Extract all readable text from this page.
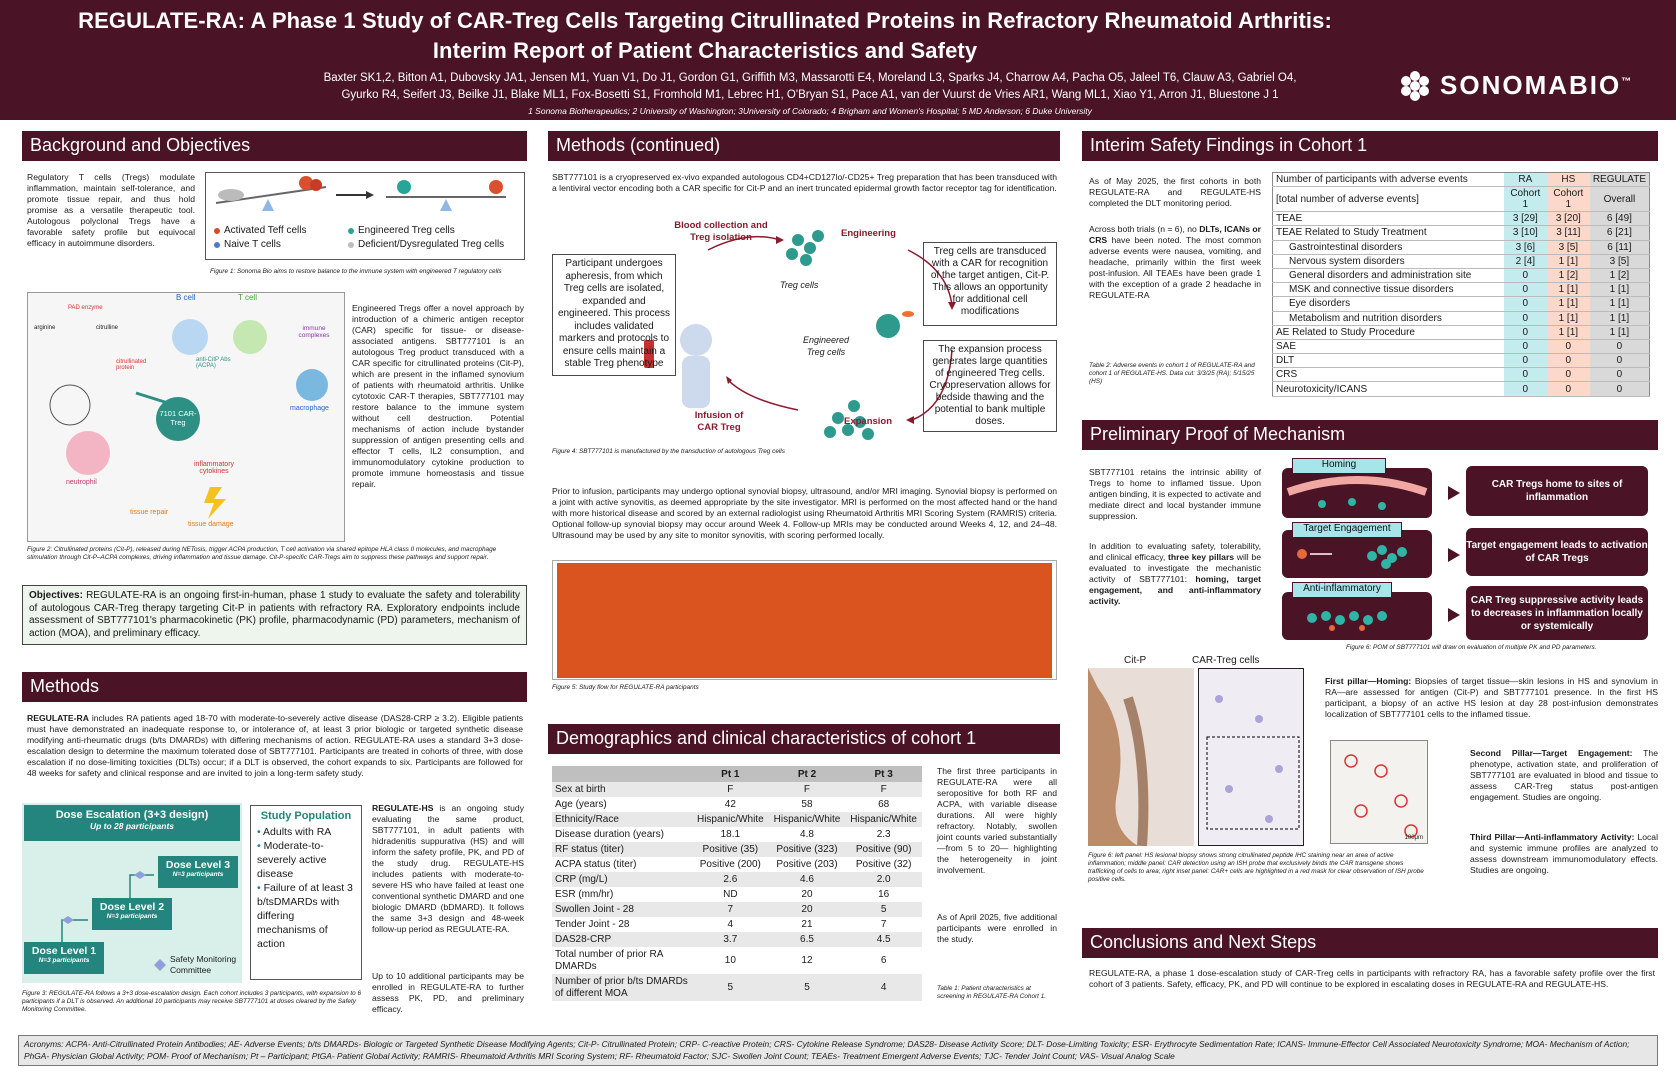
REGULATE-RA: A Phase 1 Study of CAR-Treg Cells Targeting Citrullinated Proteins in Refractory Rheumatoid Arthritis:
Interim Report of Patient Characteristics and Safety
Baxter SK1,2, Bitton A1, Dubovsky JA1, Jensen M1, Yuan V1, Do J1, Gordon G1, Griffith M3, Massarotti E4, Moreland L3, Sparks J4, Charrow A4, Pacha O5, Jaleel T6, Clauw A3, Gabriel O4,
Gyurko R4, Seifert J3, Beilke J1, Blake ML1, Fox-Bosetti S1, Fromhold M1, Lebrec H1, O'Bryan S1, Pace A1, van der Vuurst de Vries AR1, Wang ML1, Xiao Y1, Arron J1, Bluestone J 1
1 Sonoma Biotherapeutics; 2 University of Washington; 3University of Colorado; 4 Brigham and Women's Hospital; 5 MD Anderson; 6 Duke University
SONOMABIO™
Background and Objectives
Regulatory T cells (Tregs) modulate inflammation, maintain self-tolerance, and promote tissue repair, and thus hold promise as a versatile therapeutic tool. Autologous polyclonal Tregs have a favorable safety profile but equivocal efficacy in autoimmune disorders.
Activated Teff cells	Engineered Treg cells
Naive T cells	Deficient/Dysregulated Treg cells
Figure 1: Sonoma Bio aims to restore balance to the immune system with engineered T regulatory cells
arginine
PAD enzyme
citrulline
B cell	T cell
anti-CitP Abs (ACPA)
immune complexes
citrullinated protein
7101 CAR-Treg
macrophage
neutrophil
inflammatory cytokines
tissue repair
tissue damage
Engineered Tregs offer a novel approach by introduction of a chimeric antigen receptor (CAR) specific for tissue- or disease-associated antigens. SBT777101 is an autologous Treg product transduced with a CAR specific for citrullinated proteins (Cit-P), which are present in the inflamed synovium of patients with rheumatoid arthritis. Unlike cytotoxic CAR-T therapies, SBT777101 may restore balance to the immune system without cell destruction. Potential mechanisms of action include bystander suppression of antigen presenting cells and effector T cells, IL2 consumption, and immunomodulatory cytokine production to promote immune homeostasis and tissue repair.
Figure 2: Citrullinated proteins (Cit-P), released during NETosis, trigger ACPA production, T cell activation via shared epitope HLA class II molecules, and macrophage stimulation through Cit-P–ACPA complexes, driving inflammation and tissue damage. Cit-P-specific CAR-Tregs aim to suppress these pathways and support repair.
Objectives: REGULATE-RA is an ongoing first-in-human, phase 1 study to evaluate the safety and tolerability of autologous CAR-Treg therapy targeting Cit-P in patients with refractory RA. Exploratory endpoints include assessment of SBT777101's pharmacokinetic (PK) profile, pharmacodynamic (PD) parameters, mechanism of action (MOA), and preliminary efficacy.
Methods
REGULATE-RA includes RA patients aged 18-70 with moderate-to-severely active disease (DAS28-CRP ≥ 3.2). Eligible patients must have demonstrated an inadequate response to, or intolerance of, at least 3 prior biologic or targeted synthetic disease modifying anti-rheumatic drugs (b/ts DMARDs) with differing mechanisms of action. REGULATE-RA uses a standard 3+3 dose-escalation design to determine the maximum tolerated dose of SBT777101. Participants are treated in cohorts of three, with dose escalation if no dose-limiting toxicities (DLTs) occur; if a DLT is observed, the cohort expands to six. Participants are followed for 48 weeks for safety and clinical response and are invited to join a long-term safety study.
Dose Escalation (3+3 design)
Up to 28 participants
Dose Level 3
N=3 participants
Dose Level 2
N=3 participants
Dose Level 1
N=3 participants	Safety Monitoring Committee
Study Population
• Adults with RA
• Moderate-to-severely active disease
• Failure of at least 3 b/tsDMARDs with differing mechanisms of action
Figure 3: REGULATE-RA follows a 3+3 dose-escalation design. Each cohort includes 3 participants, with expansion to 6 participants if a DLT is observed. An additional 10 participants may receive SBT777101 at doses cleared by the Safety Monitoring Committee.
REGULATE-HS is an ongoing study evaluating the same product, SBT777101, in adult patients with hidradenitis suppurativa (HS) and will inform the safety profile, PK, and PD of the study drug. REGULATE-HS includes patients with moderate-to-severe HS who have failed at least one conventional synthetic DMARD and one biologic DMARD (bDMARD). It follows the same 3+3 design and 48-week follow-up period as REGULATE-RA.
Up to 10 additional participants may be enrolled in REGULATE-RA to further assess PK, PD, and preliminary efficacy.
Methods (continued)
SBT777101 is a cryopreserved ex-vivo expanded autologous CD4+CD127lo/-CD25+ Treg preparation that has been transduced with a lentiviral vector encoding both a CAR specific for Cit-P and an inert truncated epidermal growth factor receptor tag for identification.
Blood collection and Treg isolation	Engineering
Treg cells
Engineered Treg cells
Expansion
Infusion of CAR Treg
Participant undergoes apheresis, from which Treg cells are isolated, expanded and engineered. This process includes validated markers and protocols to ensure cells maintain a stable Treg phenotype
Treg cells are transduced with a CAR for recognition of the target antigen, Cit-P. This allows an opportunity for additional cell modifications
The expansion process generates large quantities of engineered Treg cells. Cryopreservation allows for bedside thawing and the potential to bank multiple doses.
Figure 4: SBT777101 is manufactured by the transduction of autologous Treg cells
Prior to infusion, participants may undergo optional synovial biopsy, ultrasound, and/or MRI imaging. Synovial biopsy is performed on a joint with active synovitis, as deemed appropriate by the site investigator. MRI is performed on the most affected hand or the hand with more historical disease and scored by an external radiologist using Rheumatoid Arthritis MRI Scoring System (RAMRIS) criteria. Optional follow-up synovial biopsy may occur around Week 4. Follow-up MRIs may be conducted around Weeks 4, 12, and 24–48. Ultrasound may be used by any site to monitor synovitis, with scoring performed locally.
Figure 5: Study flow for REGULATE-RA participants
Demographics and clinical characteristics of cohort 1
	Pt 1	Pt 2	Pt 3
Sex at birth	F	F	F
Age (years)	42	58	68
Ethnicity/Race	Hispanic/White	Hispanic/White	Hispanic/White
Disease duration (years)	18.1	4.8	2.3
RF status (titer)	Positive (35)	Positive (323)	Positive (90)
ACPA status (titer)	Positive (200)	Positive (203)	Positive (32)
CRP (mg/L)	2.6	4.6	2.0
ESR (mm/hr)	ND	20	16
Swollen Joint - 28	7	20	5
Tender Joint - 28	4	21	7
DAS28-CRP	3.7	6.5	4.5
Total number of prior RA DMARDs	10	12	6
Number of prior b/ts DMARDs of different MOA	5	5	4
The first three participants in REGULATE-RA were all seropositive for both RF and ACPA, with variable disease durations. All were highly refractory. Notably, swollen joint counts varied substantially —from 5 to 20— highlighting the heterogeneity in joint involvement.
As of April 2025, five additional participants were enrolled in the study.
Table 1: Patient characteristics at screening in REGULATE-RA Cohort 1.
Interim Safety Findings in Cohort 1
As of May 2025, the first cohorts in both REGULATE-RA and REGULATE-HS completed the DLT monitoring period.
Across both trials (n = 6), no DLTs, ICANs or CRS have been noted. The most common adverse events were nausea, vomiting, and headache, primarily within the first week post-infusion. All TEAEs have been grade 1 with the exception of a grade 2 headache in REGULATE-RA
Table 2: Adverse events in cohort 1 of REGULATE-RA and cohort 1 of REGULATE-HS. Data cut: 3/3/25 (RA); 5/15/25 (HS)
Number of participants with adverse events	RA	HS	REGULATE
[total number of adverse events]	Cohort 1	Cohort 1	Overall
TEAE	3 [29]	3 [20]	6 [49]
TEAE Related to Study Treatment	3 [10]	3 [11]	6 [21]
Gastrointestinal disorders	3 [6]	3 [5]	6 [11]
Nervous system disorders	2 [4]	1 [1]	3 [5]
General disorders and administration site	0	1 [2]	1 [2]
MSK and connective tissue disorders	0	1 [1]	1 [1]
Eye disorders	0	1 [1]	1 [1]
Metabolism and nutrition disorders	0	1 [1]	1 [1]
AE Related to Study Procedure	0	1 [1]	1 [1]
SAE	0	0	0
DLT	0	0	0
CRS	0	0	0
Neurotoxicity/ICANS	0	0	0
Preliminary Proof of Mechanism
SBT777101 retains the intrinsic ability of Tregs to home to inflamed tissue. Upon antigen binding, it is expected to activate and mediate direct and local bystander immune suppression.
In addition to evaluating safety, tolerability, and clinical efficacy, three key pillars will be evaluated to investigate the mechanistic activity of SBT777101: homing, target engagement, and anti-inflammatory activity.
Homing
CAR Tregs home to sites of inflammation
Target Engagement
Target engagement leads to activation of CAR Tregs
Anti-inflammatory
CAR Treg suppressive activity leads to decreases in inflammation locally or systemically
Figure 6: POM of SBT777101 will draw on evaluation of multiple PK and PD parameters.
Cit-P	CAR-Treg cells
100μm
Figure 6: left panel: HS lesional biopsy shows strong citrullinated peptide IHC staining near an area of active inflammation; middle panel: CAR detection using an ISH probe that exclusively binds the CAR transgene shows trafficking of cells to area; right inset panel: CAR+ cells are highlighted in a red mask for clear observation of ISH probe positive cells.
First pillar—Homing: Biopsies of target tissue—skin lesions in HS and synovium in RA—are assessed for antigen (Cit-P) and SBT777101 presence. In the first HS participant, a biopsy of an active HS lesion at day 28 post-infusion demonstrates localization of SBT777101 cells to the inflamed tissue.
Second Pillar—Target Engagement: The phenotype, activation state, and proliferation of SBT777101 are evaluated in blood and tissue to assess CAR-Treg status post-antigen engagement. Studies are ongoing.
Third Pillar—Anti-inflammatory Activity: Local and systemic immune profiles are analyzed to assess downstream immunomodulatory effects. Studies are ongoing.
Conclusions and Next Steps
REGULATE-RA, a phase 1 dose-escalation study of CAR-Treg cells in participants with refractory RA, has a favorable safety profile over the first cohort of 3 patients. Safety, efficacy, PK, and PD will continue to be explored in escalating doses in REGULATE-RA and REGULATE-HS.
Acronyms: ACPA- Anti-Citrullinated Protein Antibodies; AE- Adverse Events; b/ts DMARDs- Biologic or Targeted Synthetic Disease Modifying Agents; Cit-P- Citrullinated Protein; CRP- C-reactive Protein; CRS- Cytokine Release Syndrome; DAS28- Disease Activity Score; DLT- Dose-Limiting Toxicity; ESR- Erythrocyte Sedimentation Rate; ICANS- Immune-Effector Cell Associated Neurotoxicity Syndrome; MOA- Mechanism of Action; PhGA- Physician Global Activity; POM- Proof of Mechanism; Pt – Participant; PtGA- Patient Global Activity; RAMRIS- Rheumatoid Arthritis MRI Scoring System; RF- Rheumatoid Factor; SJC- Swollen Joint Count; TEAEs- Treatment Emergent Adverse Events; TJC- Tender Joint Count; VAS- Visual Analog Scale
